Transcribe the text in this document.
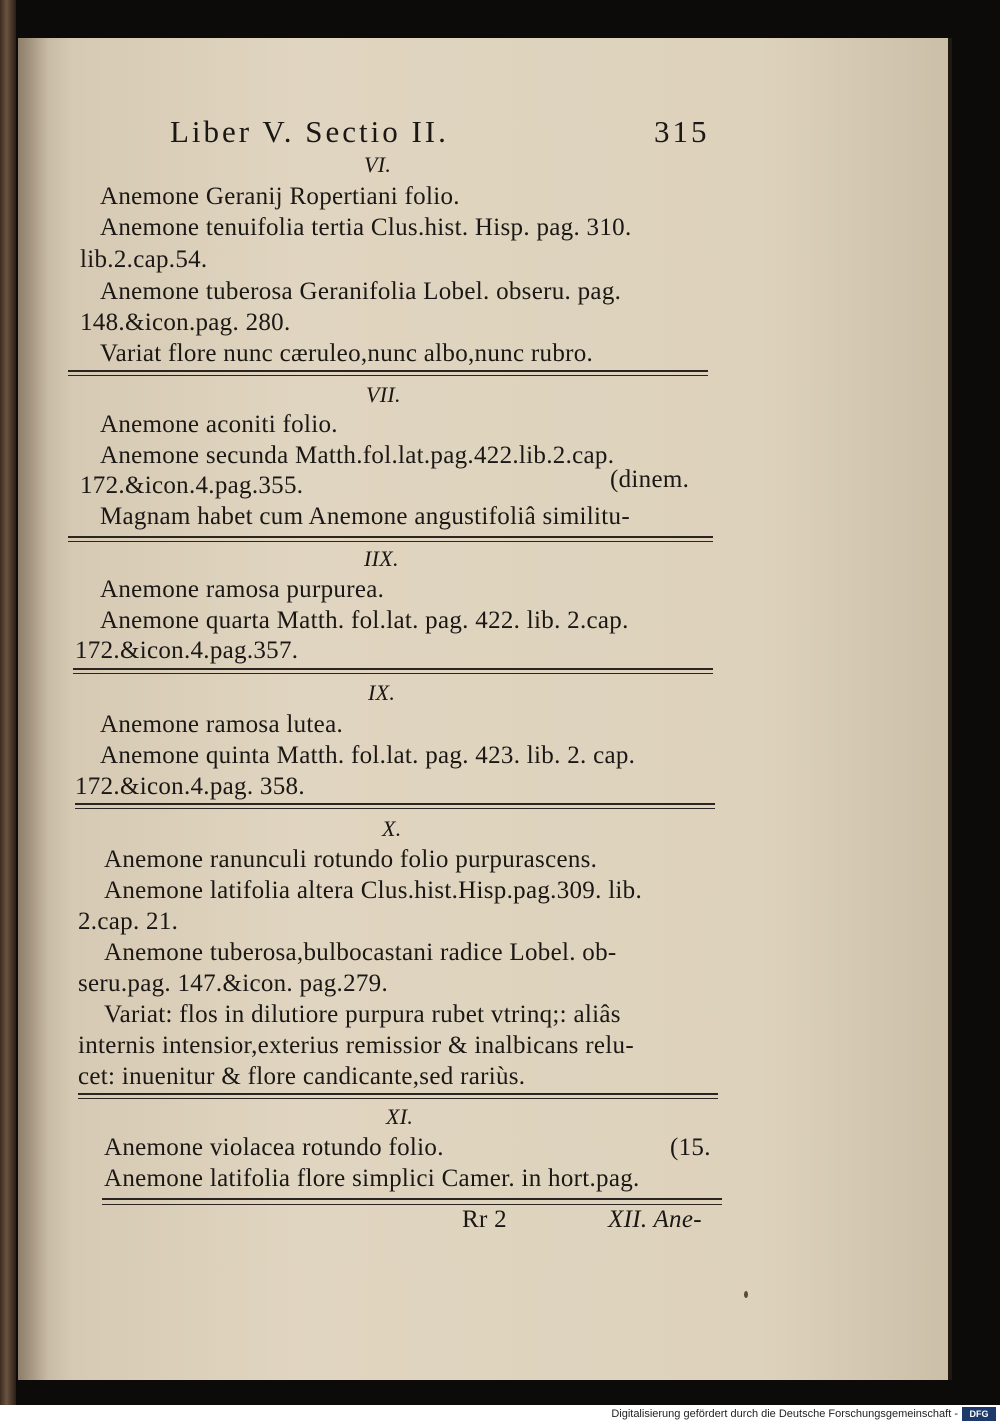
Liber V. Sectio II.	315
VI.
Anemone Geranij Ropertiani folio.
Anemone tenuifolia tertia Clus.hist. Hisp. pag. 310.
lib.2.cap.54.
Anemone tuberosa Geranifolia Lobel. obseru. pag.
148.&icon.pag. 280.
Variat flore nunc cæruleo,nunc albo,nunc rubro.
VII.
Anemone aconiti folio.
Anemone secunda Matth.fol.lat.pag.422.lib.2.cap.
172.&icon.4.pag.355.	(dinem.
Magnam habet cum Anemone angustifoliâ similitu-
IIX.
Anemone ramosa purpurea.
Anemone quarta Matth. fol.lat. pag. 422. lib. 2.cap.
172.&icon.4.pag.357.
IX.
Anemone ramosa lutea.
Anemone quinta Matth. fol.lat. pag. 423. lib. 2. cap.
172.&icon.4.pag. 358.
X.
Anemone ranunculi rotundo folio purpurascens.
Anemone latifolia altera Clus.hist.Hisp.pag.309. lib.
2.cap. 21.
Anemone tuberosa,bulbocastani radice Lobel. ob-
seru.pag. 147.&icon. pag.279.
Variat: flos in dilutiore purpura rubet vtrinq;: aliâs
internis intensior,exterius remissior & inalbicans relu-
cet: inuenitur & flore candicante,sed rariùs.
XI.
Anemone violacea rotundo folio.	(15.
Anemone latifolia flore simplici Camer. in hort.pag.
Rr 2	XII. Ane-
Digitalisierung gefördert durch die Deutsche Forschungsgemeinschaft -	DFG
